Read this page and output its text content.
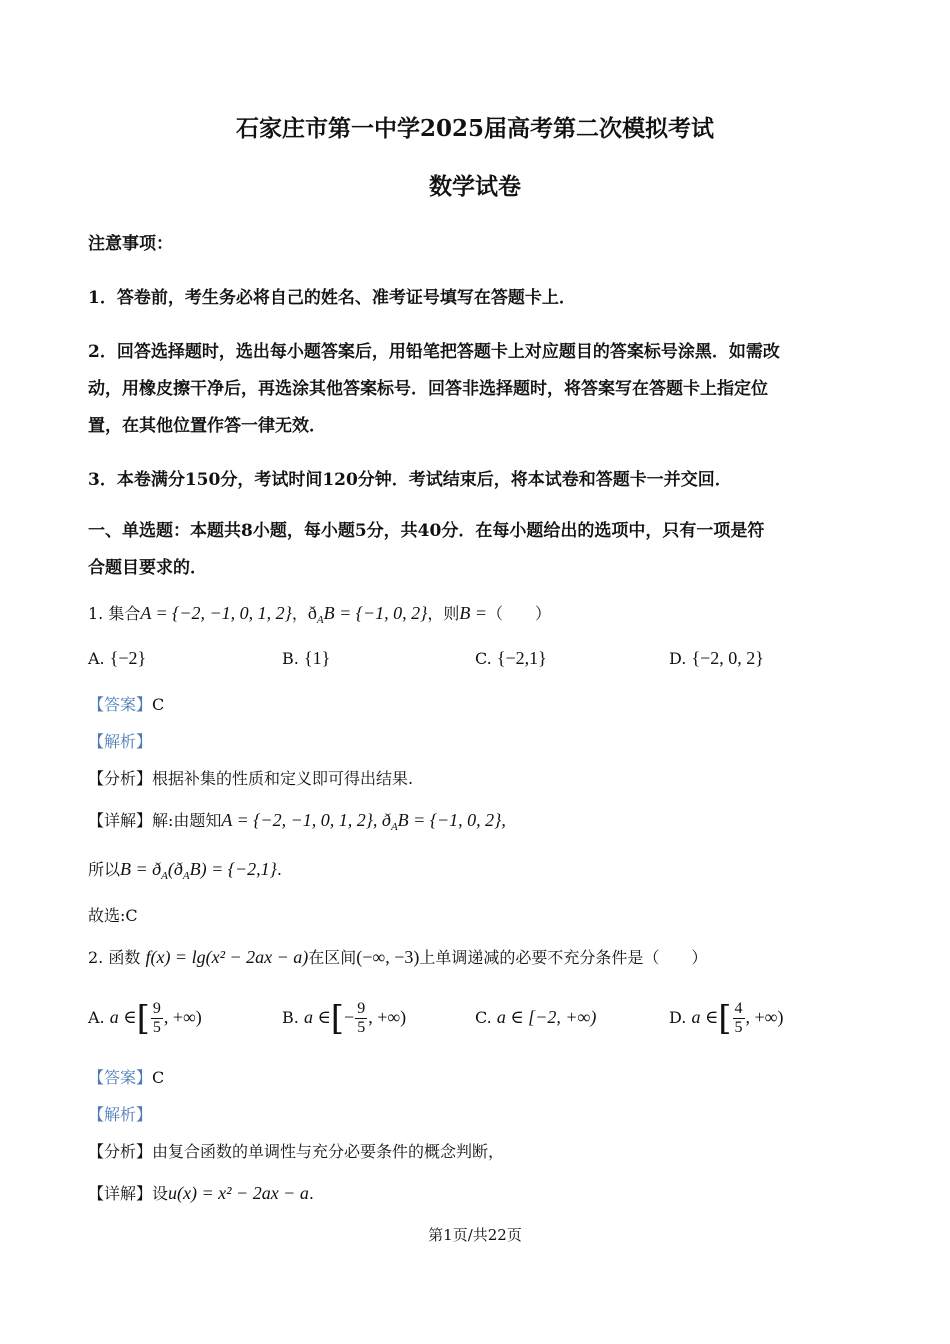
石家庄市第一中学2025届高考第二次模拟考试
数学试卷
注意事项：
1．答卷前，考生务必将自己的姓名、准考证号填写在答题卡上．
2．回答选择题时，选出每小题答案后，用铅笔把答题卡上对应题目的答案标号涂黑．如需改
动，用橡皮擦干净后，再选涂其他答案标号．回答非选择题时，将答案写在答题卡上指定位
置，在其他位置作答一律无效．
3．本卷满分150分，考试时间120分钟．考试结束后，将本试卷和答题卡一并交回．
一、单选题：本题共8小题，每小题5分，共40分．在每小题给出的选项中，只有一项是符
合题目要求的．
1. 集合A = {−2, −1, 0, 1, 2}，$ð_AB = \{-1$, 0, 2}，则B =（　　）
A. {−2}	B. {1}	C. {−2,1}	D. {−2, 0, 2}
【答案】C
【解析】
【分析】根据补集的性质和定义即可得出结果.
【详解】解:由题知A = {−2, −1, 0, 1, 2}, $ð_AB = \{-1$, 0, 2},
所以$B = ð_A(ð_AB) = \{-2,1\}$.
故选:C
2. 函数 f(x) = lg(x² − 2ax − a)在区间(−∞, −3)上单调递减的必要不充分条件是（　　）
A. a ∈[ $\frac{9}{5}$ , +∞)	B. a ∈[− $\frac{9}{5}$ , +∞)	C. a ∈ [−2, +∞)	D. a ∈[ $\frac{4}{5}$ , +∞)
【答案】C
【解析】
【分析】由复合函数的单调性与充分必要条件的概念判断，
【详解】设u(x) = x² − 2ax − a.
第1页/共22页
